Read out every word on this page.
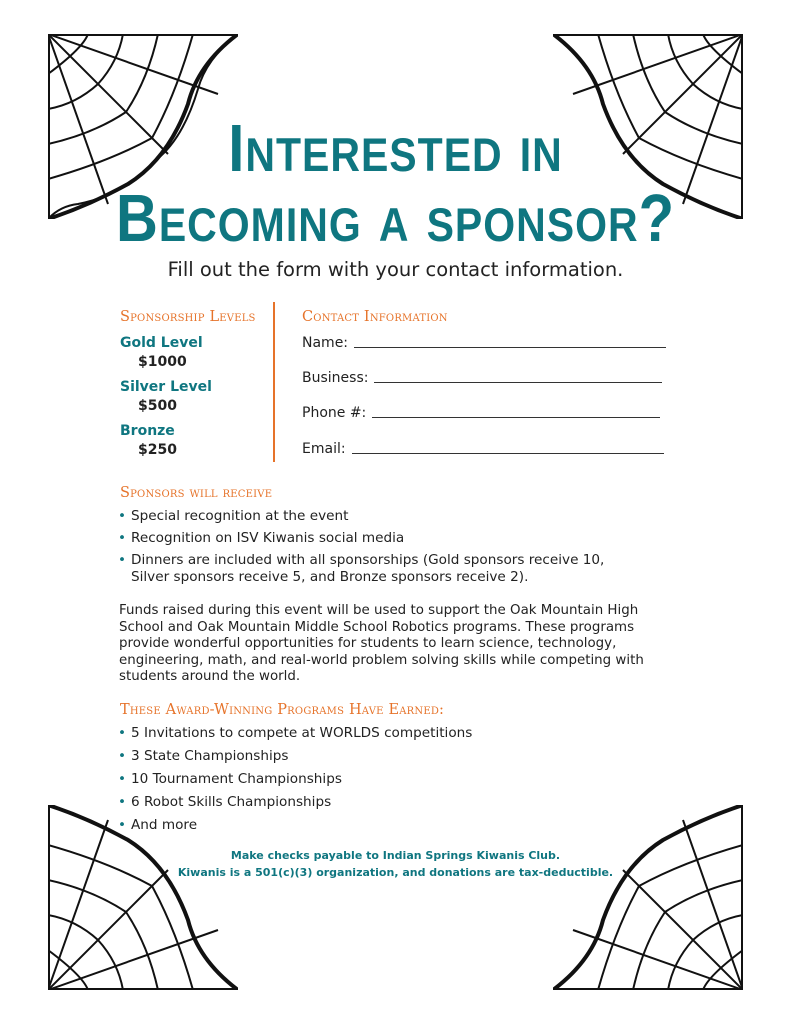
Interested in
Becoming a sponsor?
Fill out the form with your contact information.
Sponsorship Levels
Gold Level
$1000
Silver Level
$500
Bronze
$250
Contact Information
Name:
Business:
Phone #:
Email:
Sponsors will receive
• Special recognition at the event
• Recognition on ISV Kiwanis social media
• Dinners are included with all sponsorships (Gold sponsors receive 10,
Silver sponsors receive 5, and Bronze sponsors receive 2).
Funds raised during this event will be used to support the Oak Mountain High
School and Oak Mountain Middle School Robotics programs. These programs
provide wonderful opportunities for students to learn science, technology,
engineering, math, and real-world problem solving skills while competing with
students around the world.
These Award-Winning Programs Have Earned:
• 5 Invitations to compete at WORLDS competitions
• 3 State Championships
• 10 Tournament Championships
• 6 Robot Skills Championships
• And more
Make checks payable to Indian Springs Kiwanis Club.
Kiwanis is a 501(c)(3) organization, and donations are tax-deductible.
